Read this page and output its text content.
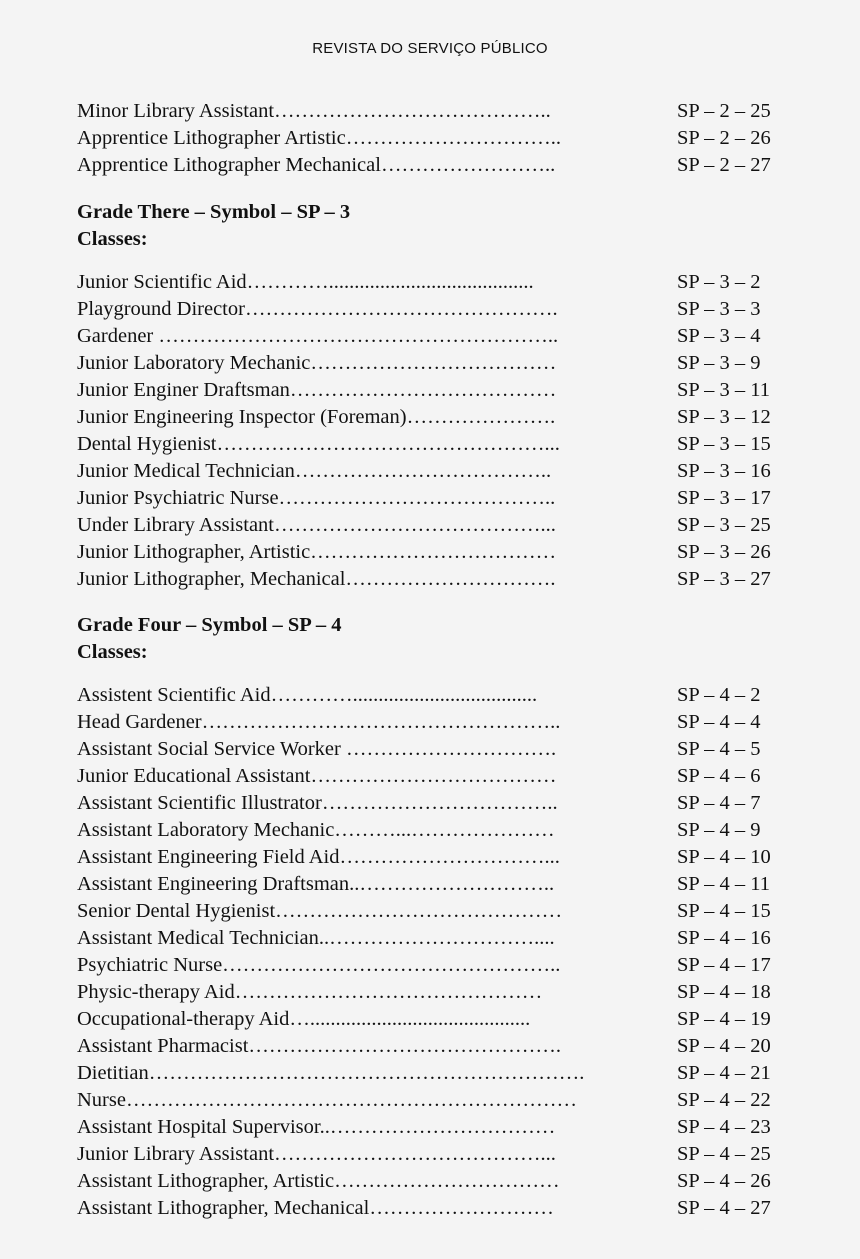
REVISTA DO SERVIÇO PÚBLICO
Minor Library Assistant…………………………………..	SP – 2 – 25
Apprentice Lithographer Artistic…………………………..	SP – 2 – 26
Apprentice Lithographer Mechanical……………………..	SP – 2 – 27
Grade There – Symbol – SP – 3
Classes:
Junior Scientific Aid…………........................................	SP – 3 – 2
Playground Director……………………………………….	SP – 3 – 3
Gardener …………………………………………………..	SP – 3 – 4
Junior Laboratory Mechanic………………………………	SP – 3 – 9
Junior Enginer Draftsman…………………………………	SP – 3 – 11
Junior Engineering Inspector (Foreman)………………….	SP – 3 – 12
Dental Hygienist…………………………………………...	SP – 3 – 15
Junior Medical Technician………………………………..	SP – 3 – 16
Junior Psychiatric Nurse…………………………………..	SP – 3 – 17
Under Library Assistant…………………………………...	SP – 3 – 25
Junior Lithographer, Artistic………………………………	SP – 3 – 26
Junior Lithographer, Mechanical………………………….	SP – 3 – 27
Grade Four – Symbol – SP – 4
Classes:
Assistent Scientific Aid…………....................................	SP – 4 – 2
Head Gardener……………………………………………..	SP – 4 – 4
Assistant Social Service Worker ………………………….	SP – 4 – 5
Junior Educational Assistant………………………………	SP – 4 – 6
Assistant Scientific Illustrator……………………………..	SP – 4 – 7
Assistant Laboratory Mechanic………...…………………	SP – 4 – 9
Assistant Engineering Field Aid…………………………...	SP – 4 – 10
Assistant Engineering Draftsman..………………………..	SP – 4 – 11
Senior Dental Hygienist……………………………………	SP – 4 – 15
Assistant Medical Technician..…………………………....	SP – 4 – 16
Psychiatric Nurse…………………………………………..	SP – 4 – 17
Physic-therapy Aid………………………………………	SP – 4 – 18
Occupational-therapy Aid…...........................................	SP – 4 – 19
Assistant Pharmacist……………………………………….	SP – 4 – 20
Dietitian……………………………………………………….	SP – 4 – 21
Nurse…………………………………………………………	SP – 4 – 22
Assistant Hospital Supervisor..……………………………	SP – 4 – 23
Junior Library Assistant…………………………………...	SP – 4 – 25
Assistant Lithographer, Artistic……………………………	SP – 4 – 26
Assistant Lithographer, Mechanical………………………	SP – 4 – 27
